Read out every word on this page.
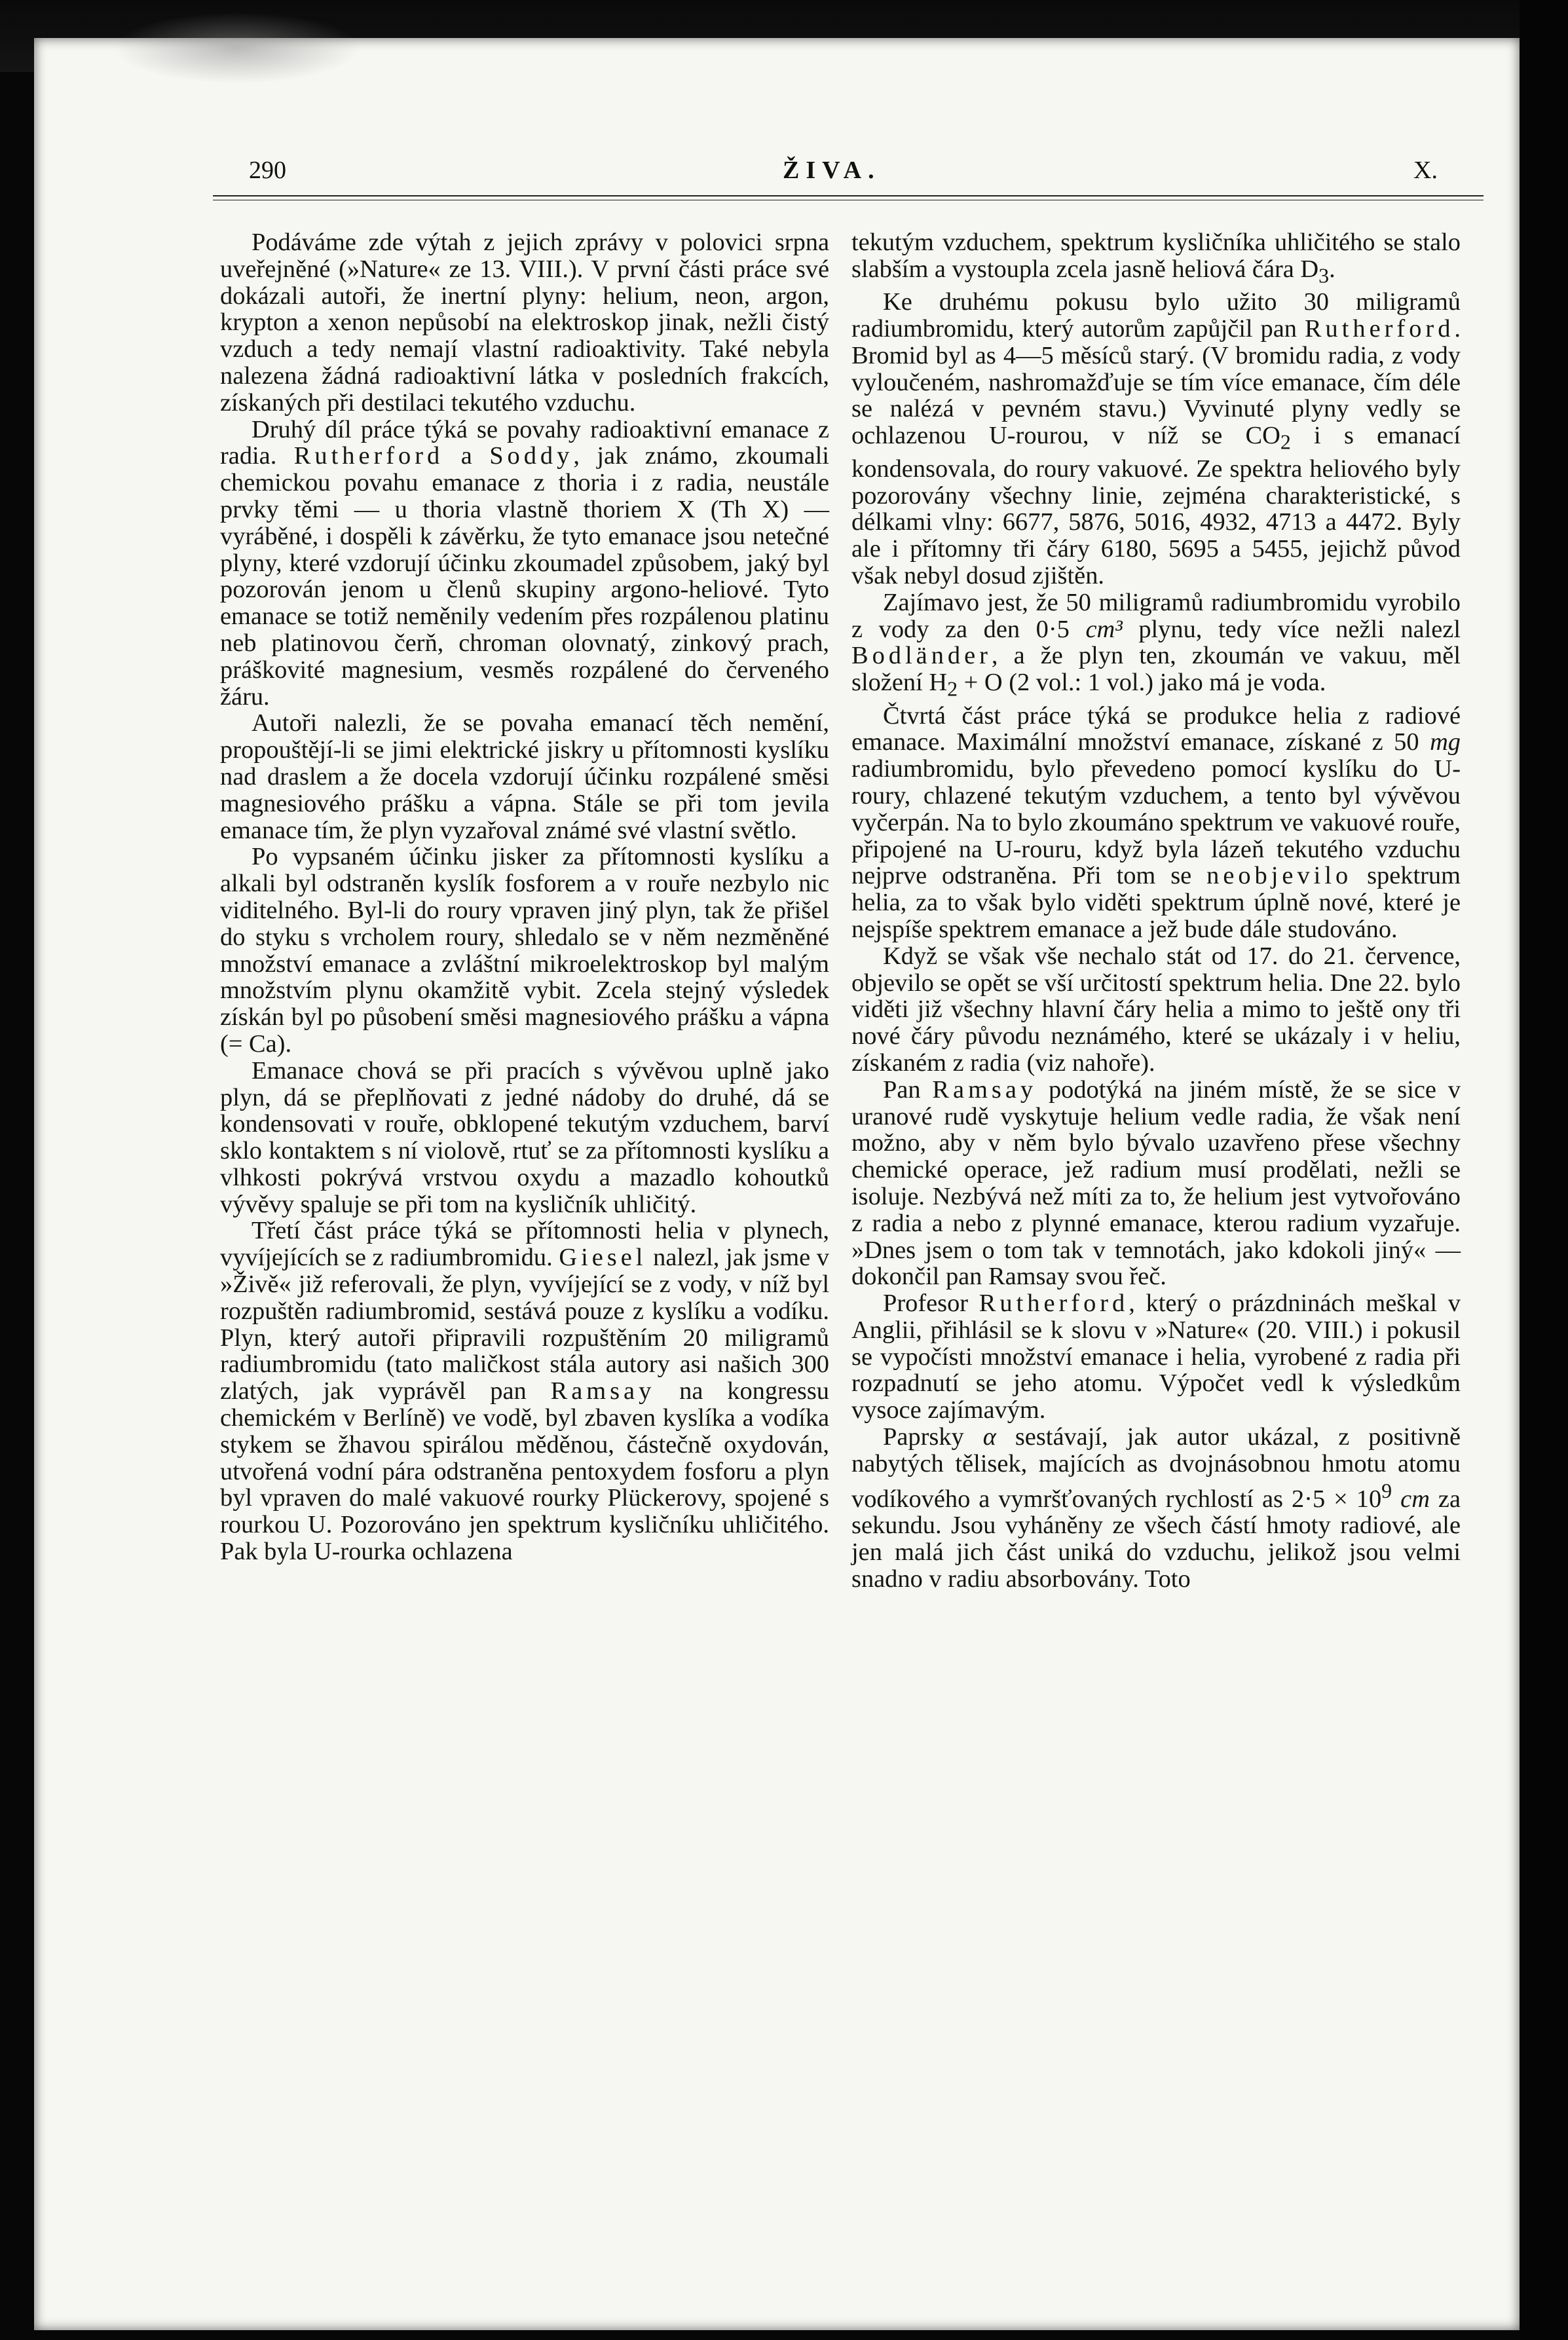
290	ŽIVA.	X.

Podáváme zde výtah z jejich zprávy v polovici srpna uveřejněné (»Nature« ze 13. VIII.). V první části práce své dokázali autoři, že inertní plyny: helium, neon, argon, krypton a xenon nepůsobí na elektroskop jinak, nežli čistý vzduch a tedy nemají vlastní radioaktivity. Také nebyla nalezena žádná radioaktivní látka v posledních frakcích, získaných při destilaci tekutého vzduchu.

Druhý díl práce týká se povahy radioaktivní emanace z radia. Rutherford a Soddy, jak známo, zkoumali chemickou povahu emanace z thoria i z radia, neustále prvky těmi — u thoria vlastně thoriem X (Th X) — vyráběné, i dospěli k závěrku, že tyto emanace jsou netečné plyny, které vzdorují účinku zkoumadel způsobem, jaký byl pozorován jenom u členů skupiny argono-heliové. Tyto emanace se totiž neměnily vedením přes rozpálenou platinu neb platinovou čerň, chroman olovnatý, zinkový prach, práškovité magnesium, vesměs rozpálené do červeného žáru.

Autoři nalezli, že se povaha emanací těch nemění, propouštějí-li se jimi elektrické jiskry u přítomnosti kyslíku nad draslem a že docela vzdorují účinku rozpálené směsi magnesiového prášku a vápna. Stále se při tom jevila emanace tím, že plyn vyzařoval známé své vlastní světlo.

Po vypsaném účinku jisker za přítomnosti kyslíku a alkali byl odstraněn kyslík fosforem a v rouře nezbylo nic viditelného. Byl-li do roury vpraven jiný plyn, tak že přišel do styku s vrcholem roury, shledalo se v něm nezměněné množství emanace a zvláštní mikroelektroskop byl malým množstvím plynu okamžitě vybit. Zcela stejný výsledek získán byl po působení směsi magnesiového prášku a vápna (= Ca).

Emanace chová se při pracích s vývěvou uplně jako plyn, dá se přeplňovati z jedné nádoby do druhé, dá se kondensovati v rouře, obklopené tekutým vzduchem, barví sklo kontaktem s ní violově, rtuť se za přítomnosti kyslíku a vlhkosti pokrývá vrstvou oxydu a mazadlo kohoutků vývěvy spaluje se při tom na kysličník uhličitý.

Třetí část práce týká se přítomnosti helia v plynech, vyvíjejících se z radiumbromidu. Giesel nalezl, jak jsme v »Živě« již referovali, že plyn, vyvíjející se z vody, v níž byl rozpuštěn radiumbromid, sestává pouze z kyslíku a vodíku. Plyn, který autoři připravili rozpuštěním 20 miligramů radiumbromidu (tato maličkost stála autory asi našich 300 zlatých, jak vyprávěl pan Ramsay na kongressu chemickém v Berlíně) ve vodě, byl zbaven kyslíka a vodíka stykem se žhavou spirálou měděnou, částečně oxydován, utvořená vodní pára odstraněna pentoxydem fosforu a plyn byl vpraven do malé vakuové rourky Plückerovy, spojené s rourkou U. Pozorováno jen spektrum kysličníku uhličitého. Pak byla U-rourka ochlazena

tekutým vzduchem, spektrum kysličníka uhličitého se stalo slabším a vystoupla zcela jasně heliová čára $D_3$.

Ke druhému pokusu bylo užito 30 miligramů radiumbromidu, který autorům zapůjčil pan Rutherford. Bromid byl as 4—5 měsíců starý. (V bromidu radia, z vody vyloučeném, nashromažďuje se tím více emanace, čím déle se nalézá v pevném stavu.) Vyvinuté plyny vedly se ochlazenou U-rourou, v níž se $CO_2$ i s emanací kondensovala, do roury vakuové. Ze spektra heliového byly pozorovány všechny linie, zejména charakteristické, s délkami vlny: 6677, 5876, 5016, 4932, 4713 a 4472. Byly ale i přítomny tři čáry 6180, 5695 a 5455, jejichž původ však nebyl dosud zjištěn.

Zajímavo jest, že 50 miligramů radiumbromidu vyrobilo z vody za den 0·5 cm³ plynu, tedy více nežli nalezl Bodländer, a že plyn ten, zkoumán ve vakuu, měl složení $H_2 + O$ (2 vol.: 1 vol.) jako má je voda.

Čtvrtá část práce týká se produkce helia z radiové emanace. Maximální množství emanace, získané z 50 mg radiumbromidu, bylo převedeno pomocí kyslíku do U-roury, chlazené tekutým vzduchem, a tento byl vývěvou vyčerpán. Na to bylo zkoumáno spektrum ve vakuové rouře, připojené na U-rouru, když byla lázeň tekutého vzduchu nejprve odstraněna. Při tom se neobjevilo spektrum helia, za to však bylo viděti spektrum úplně nové, které je nejspíše spektrem emanace a jež bude dále studováno.

Když se však vše nechalo stát od 17. do 21. července, objevilo se opět se vší určitostí spektrum helia. Dne 22. bylo viděti již všechny hlavní čáry helia a mimo to ještě ony tři nové čáry původu neznámého, které se ukázaly i v heliu, získaném z radia (viz nahoře).

Pan Ramsay podotýká na jiném místě, že se sice v uranové rudě vyskytuje helium vedle radia, že však není možno, aby v něm bylo bývalo uzavřeno přese všechny chemické operace, jež radium musí prodělati, nežli se isoluje. Nezbývá než míti za to, že helium jest vytvořováno z radia a nebo z plynné emanace, kterou radium vyzařuje. »Dnes jsem o tom tak v temnotách, jako kdokoli jiný« — dokončil pan Ramsay svou řeč.

Profesor Rutherford, který o prázdninách meškal v Anglii, přihlásil se k slovu v »Nature« (20. VIII.) i pokusil se vypočísti množství emanace i helia, vyrobené z radia při rozpadnutí se jeho atomu. Výpočet vedl k výsledkům vysoce zajímavým.

Paprsky α sestávají, jak autor ukázal, z positivně nabytých tělisek, majících as dvojnásobnou hmotu atomu vodíkového a vymršťovaných rychlostí as $2\cdot 5 \times 10^9$ cm za sekundu. Jsou vyháněny ze všech částí hmoty radiové, ale jen malá jich část uniká do vzduchu, jelikož jsou velmi snadno v radiu absorbovány. Toto
